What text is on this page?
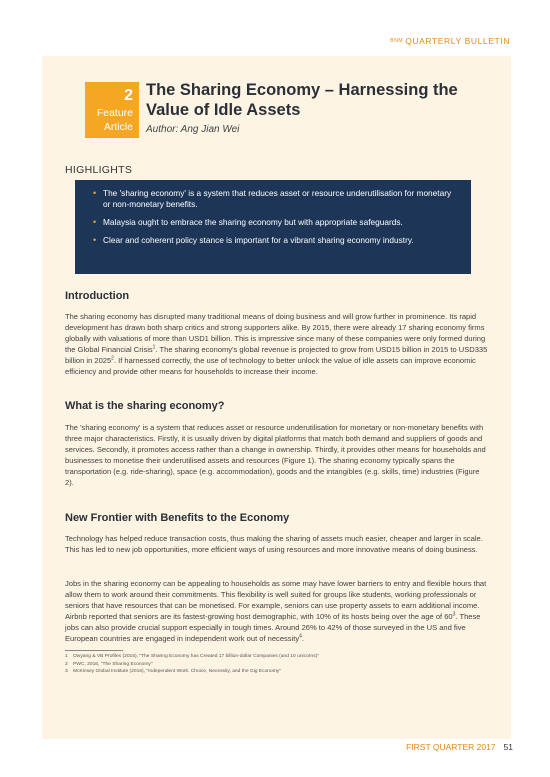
$^{BNM}$ QUARTERLY BULLETIN
2
Feature
Article
The Sharing Economy – Harnessing the Value of Idle Assets
Author: Ang Jian Wei
HIGHLIGHTS
• The 'sharing economy' is a system that reduces asset or resource underutilisation for monetary or non-monetary benefits.
• Malaysia ought to embrace the sharing economy but with appropriate safeguards.
• Clear and coherent policy stance is important for a vibrant sharing economy industry.
Introduction

The sharing economy has disrupted many traditional means of doing business and will grow further in prominence. Its rapid development has drawn both sharp critics and strong supporters alike. By 2015, there were already 17 sharing economy firms globally with valuations of more than USD1 billion. This is impressive since many of these companies were only formed during the Global Financial Crisis$^1$. The sharing economy's global revenue is projected to grow from USD15 billion in 2015 to USD335 billion in 2025$^2$. If harnessed correctly, the use of technology to better unlock the value of idle assets can improve economic efficiency and provide other means for households to increase their income.

What is the sharing economy?

The 'sharing economy' is a system that reduces asset or resource underutilisation for monetary or non-monetary benefits with three major characteristics. Firstly, it is usually driven by digital platforms that match both demand and suppliers of goods and services. Secondly, it promotes access rather than a change in ownership. Thirdly, it provides other means for households and businesses to monetise their underutilised assets and resources (Figure 1). The sharing economy typically spans the transportation (e.g. ride-sharing), space (e.g. accommodation), goods and the intangibles (e.g. skills, time) industries (Figure 2).

New Frontier with Benefits to the Economy

Technology has helped reduce transaction costs, thus making the sharing of assets much easier, cheaper and larger in scale. This has led to new job opportunities, more efficient ways of using resources and more innovative means of doing business.

Jobs in the sharing economy can be appealing to households as some may have lower barriers to entry and flexible hours that allow them to work around their commitments. This flexibility is well suited for groups like students, working professionals or seniors that have resources that can be monetised. For example, seniors can use property assets to earn additional income. Airbnb reported that seniors are its fastest-growing host demographic, with 10% of its hosts being over the age of $60^3$. These jobs can also provide crucial support especially in tough times. Around 26% to 42% of those surveyed in the US and five European countries are engaged in independent work out of necessity$^4$.

1 Owyang & VB Profiles (2015), "The Sharing Economy has Created 17 billion-dollar Companies (and 10 unicorns)"
2 PWC, 2016, "The Sharing Economy"
3 McKinsey Global Institute (2016), "Independent Work: Choice, Necessity, and the Gig Economy"
FIRST QUARTER 2017 51
